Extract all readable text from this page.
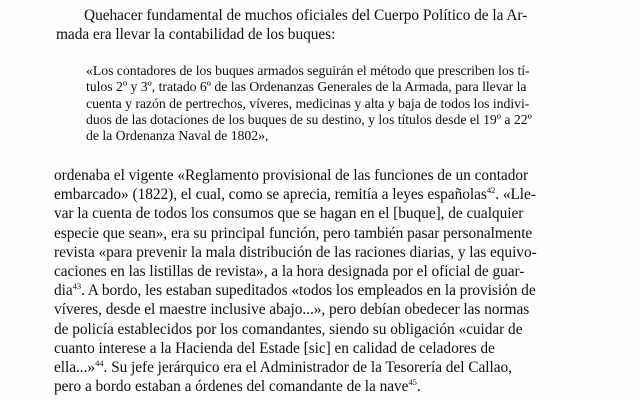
Quehacer fundamental de muchos oficiales del Cuerpo Político de la Ar-
mada era llevar la contabilidad de los buques:
«Los contadores de los buques armados seguirán el método que prescriben los tí-
tulos 2º y 3º, tratado 6º de las Ordenanzas Generales de la Armada, para llevar la
cuenta y razón de pertrechos, víveres, medicinas y alta y baja de todos los indivi-
duos de las dotaciones de los buques de su destino, y los títulos desde el 19º a 22º
de la Ordenanza Naval de 1802»,
ordenaba el vigente «Reglamento provisional de las funciones de un contador
embarcado» (1822), el cual, como se aprecia, remitía a leyes españolas$^{42}$. «Lle-
var la cuenta de todos los consumos que se hagan en el [buque], de cualquier
especie que sean», era su principal función, pero también pasar personalmente
revista «para prevenir la mala distribución de las raciones diarias, y las equivo-
caciones en las listillas de revista», a la hora designada por el oficial de guar-
dia$^{43}$. A bordo, les estaban supeditados «todos los empleados en la provisión de
víveres, desde el maestre inclusive abajo...», pero debían obedecer las normas
de policía establecidos por los comandantes, siendo su obligación «cuidar de
cuanto interese a la Hacienda del Estade [sic] en calidad de celadores de
ella...»$^{44}$. Su jefe jerárquico era el Administrador de la Tesorería del Callao,
pero a bordo estaban a órdenes del comandante de la nave$^{45}$.
